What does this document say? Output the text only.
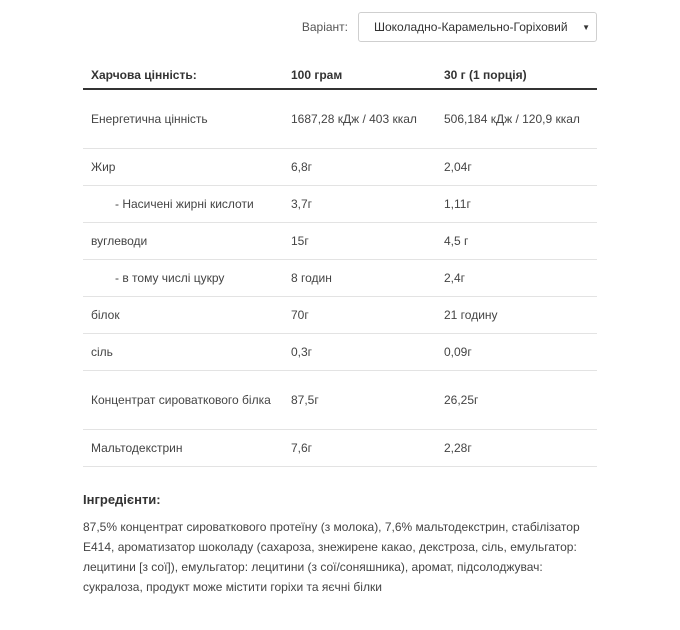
Варіант: Шоколадно-Карамельно-Горіховий	▼
Харчова цінність:	100 грам	30 г (1 порція)
Енергетична цінність	1687,28 кДж / 403 ккал	506,184 кДж / 120,9 ккал
Жир	6,8г	2,04г
- Насичені жирні кислоти	3,7г	1,11г
вуглеводи	15г	4,5 г
- в тому числі цукру	8 годин	2,4г
білок	70г	21 годину
сіль	0,3г	0,09г
Концентрат сироваткового білка	87,5г	26,25г
Мальтодекстрин	7,6г	2,28г
Інгредієнти:

87,5% концентрат сироваткового протеїну (з молока), 7,6% мальтодекстрин, стабілізатор Е414, ароматизатор шоколаду (сахароза, знежирене какао, декстроза, сіль, емульгатор: лецитини [з сої]), емульгатор: лецитини (з сої/соняшника), аромат, підсолоджувач: сукралоза, продукт може містити горіхи та яєчні білки
